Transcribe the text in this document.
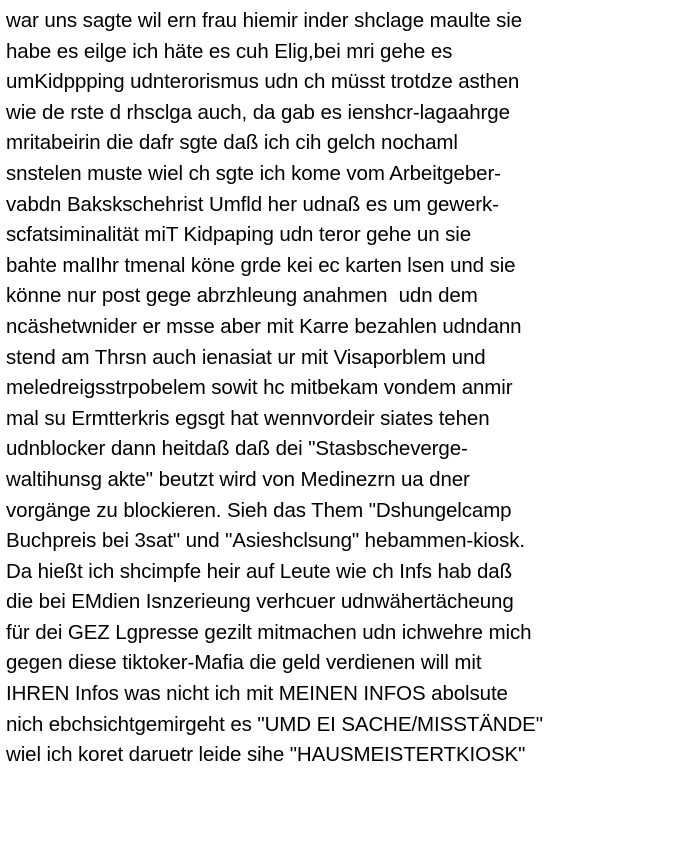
war uns sagte wil ern frau hiemir inder shclage maulte sie
habe es eilge ich häte es cuh Elig,bei mri gehe es
umKidppping udnterorismus udn ch müsst trotdze asthen
wie de rste d rhsclga auch, da gab es ienshcr-lagaahrge
mritabeirin die dafr sgte daß ich cih gelch nochaml
snstelen muste wiel ch sgte ich kome vom Arbeitgeber-
vabdn Bakskschehrist Umfld her udnaß es um gewerk-
scfatsiminalität miT Kidpaping udn teror gehe un sie
bahte malIhr tmenal köne grde kei ec karten lsen und sie
könne nur post gege abrzhleung anahmen  udn dem
ncäshetwnider er msse aber mit Karre bezahlen udndann
stend am Thrsn auch ienasiat ur mit Visaporblem und
meledreigsstrpobelem sowit hc mitbekam vondem anmir
mal su Ermtterkris egsgt hat wennvordeir siates tehen
udnblocker dann heitdaß daß dei "Stasbscheverge-
waltihunsg akte" beutzt wird von Medinezrn ua dner
vorgänge zu blockieren. Sieh das Them "Dshungelcamp
Buchpreis bei 3sat" und "Asieshclsung" hebammen-kiosk.
Da hießt ich shcimpfe heir auf Leute wie ch Infs hab daß
die bei EMdien Isnzerieung verhcuer udnwähertächeung
für dei GEZ Lgpresse gezilt mitmachen udn ichwehre mich
gegen diese tiktoker-Mafia die geld verdienen will mit
IHREN Infos was nicht ich mit MEINEN INFOS abolsute
nich ebchsichtgemirgeht es "UMD EI SACHE/MISSTÄNDE"
wiel ich koret daruetr leide sihe "HAUSMEISTERTKIOSK"
